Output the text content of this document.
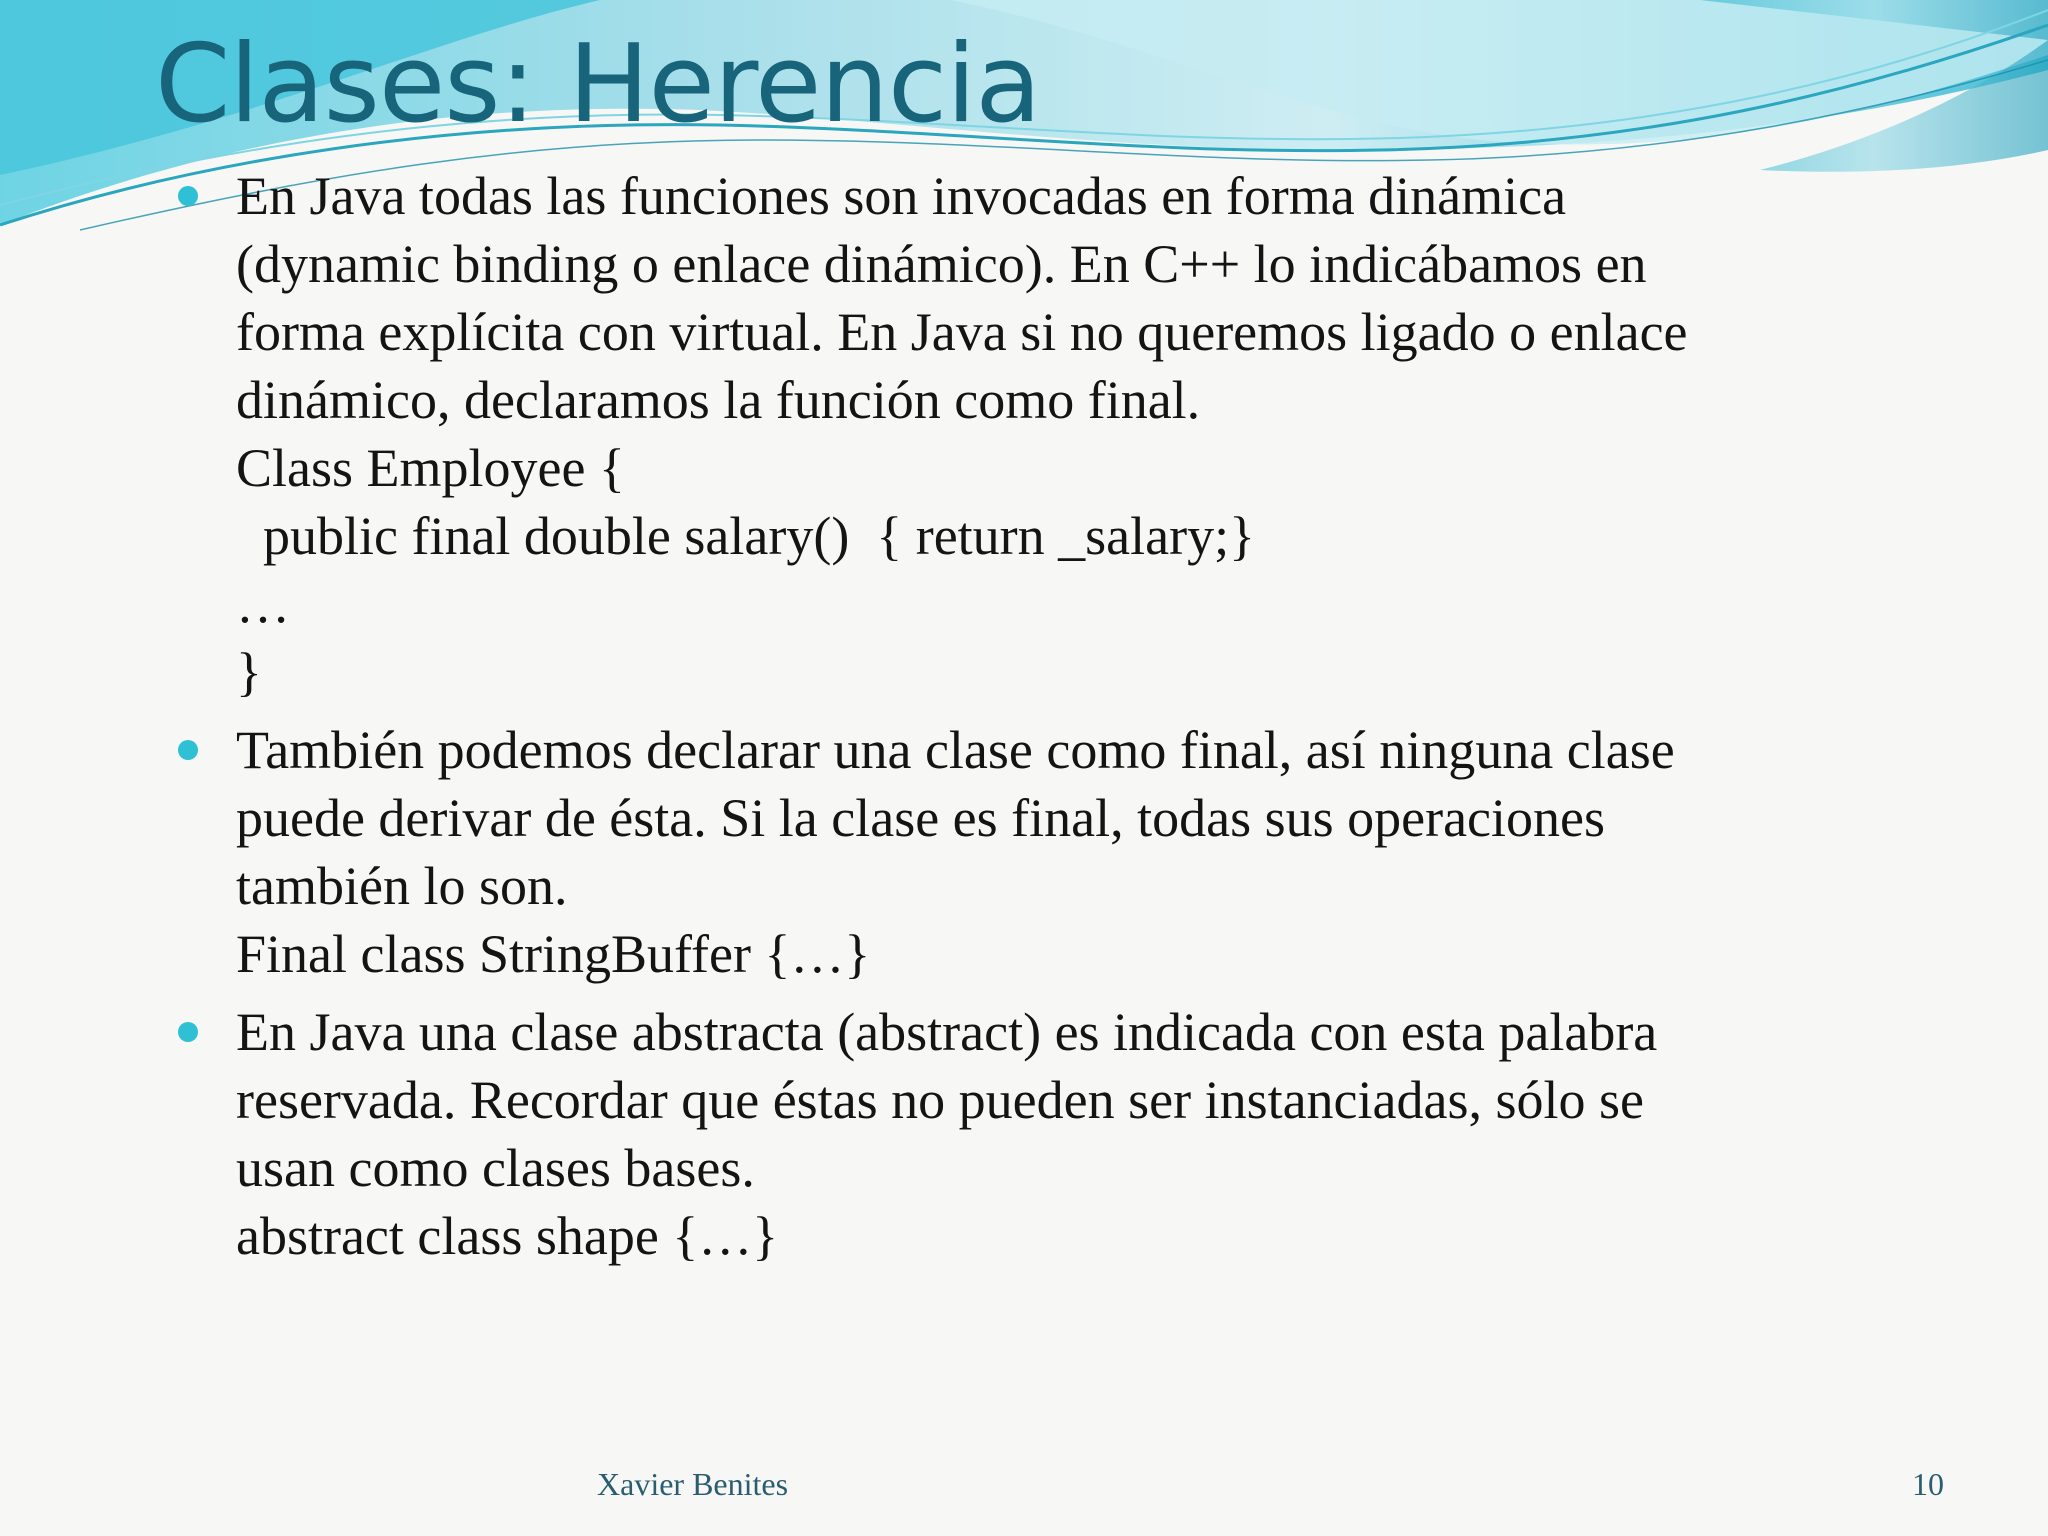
Clases: Herencia
En Java todas las funciones son invocadas en forma dinámica
(dynamic binding o enlace dinámico). En C++ lo indicábamos en
forma explícita con virtual. En Java si no queremos ligado o enlace
dinámico, declaramos la función como final.
Class Employee {
public final double salary()  { return _salary;}
…
}
También podemos declarar una clase como final, así ninguna clase
puede derivar de ésta. Si la clase es final, todas sus operaciones
también lo son.
Final class StringBuffer {…}
En Java una clase abstracta (abstract) es indicada con esta palabra
reservada. Recordar que éstas no pueden ser instanciadas, sólo se
usan como clases bases.
abstract class shape {…}
Xavier Benites	10
